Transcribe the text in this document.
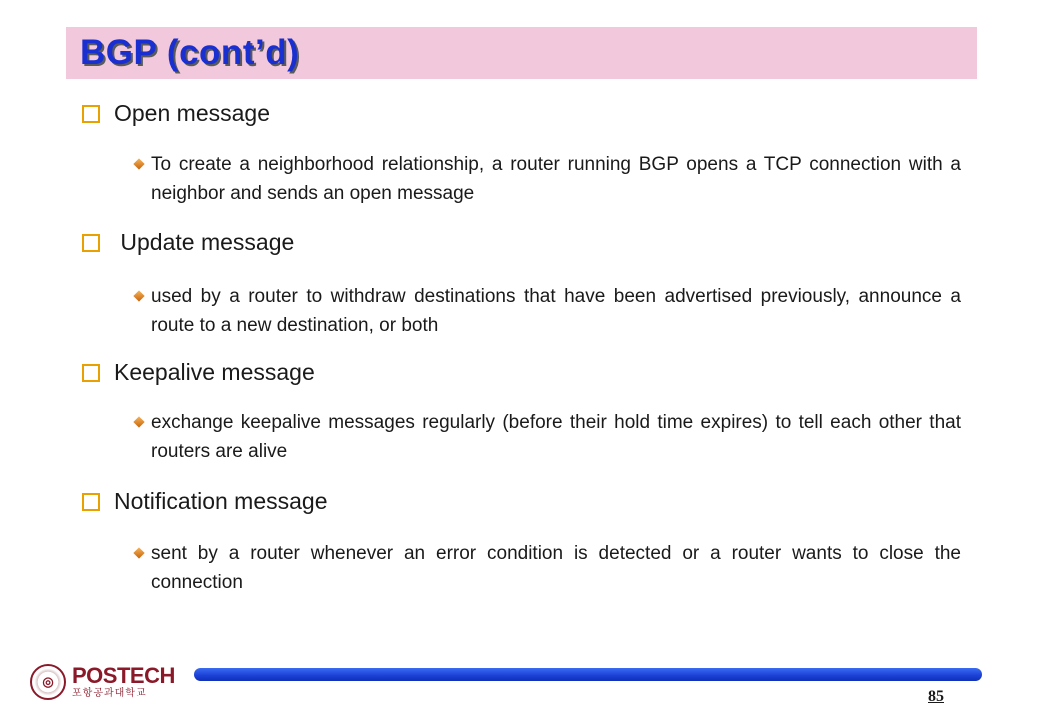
BGP (cont’d)
Open message
To create a neighborhood relationship, a router running BGP opens a TCP connection with a neighbor and sends an open message
Update message
used by a router to withdraw destinations that have been advertised previously, announce a route to a new destination, or both
Keepalive message
exchange keepalive messages regularly (before their hold time expires) to tell each other that routers are alive
Notification message
sent by a router whenever an error condition is detected or a router wants to close the connection
◎ POSTECH
포항공과대학교	85
